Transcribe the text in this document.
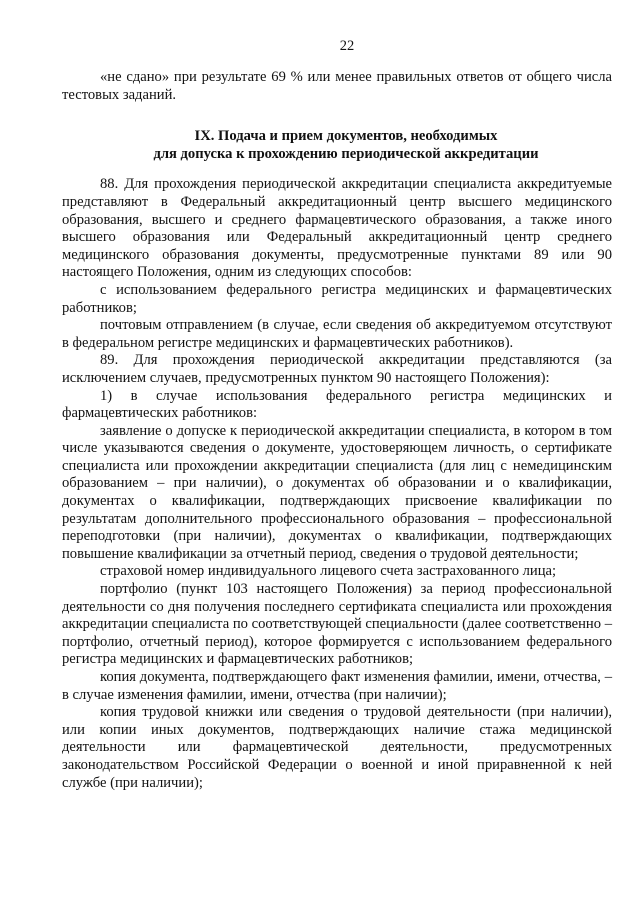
22

«не сдано» при результате 69 % или менее правильных ответов от общего числа тестовых заданий.

IX. Подача и прием документов, необходимых
для допуска к прохождению периодической аккредитации

88. Для прохождения периодической аккредитации специалиста аккредитуемые представляют в Федеральный аккредитационный центр высшего медицинского образования, высшего и среднего фармацевтического образования, а также иного высшего образования или Федеральный аккредитационный центр среднего медицинского образования документы, предусмотренные пунктами 89 или 90 настоящего Положения, одним из следующих способов:

с использованием федерального регистра медицинских и фармацевтических работников;

почтовым отправлением (в случае, если сведения об аккредитуемом отсутствуют в федеральном регистре медицинских и фармацевтических работников).

89. Для прохождения периодической аккредитации представляются (за исключением случаев, предусмотренных пунктом 90 настоящего Положения):

1) в случае использования федерального регистра медицинских и фармацевтических работников:

заявление о допуске к периодической аккредитации специалиста, в котором в том числе указываются сведения о документе, удостоверяющем личность, о сертификате специалиста или прохождении аккредитации специалиста (для лиц с немедицинским образованием – при наличии), о документах об образовании и о квалификации, документах о квалификации, подтверждающих присвоение квалификации по результатам дополнительного профессионального образования – профессиональной переподготовки (при наличии), документах о квалификации, подтверждающих повышение квалификации за отчетный период, сведения о трудовой деятельности;

страховой номер индивидуального лицевого счета застрахованного лица;

портфолио (пункт 103 настоящего Положения) за период профессиональной деятельности со дня получения последнего сертификата специалиста или прохождения аккредитации специалиста по соответствующей специальности (далее соответственно – портфолио, отчетный период), которое формируется с использованием федерального регистра медицинских и фармацевтических работников;

копия документа, подтверждающего факт изменения фамилии, имени, отчества, – в случае изменения фамилии, имени, отчества (при наличии);

копия трудовой книжки или сведения о трудовой деятельности (при наличии), или копии иных документов, подтверждающих наличие стажа медицинской деятельности или фармацевтической деятельности, предусмотренных законодательством Российской Федерации о военной и иной приравненной к ней службе (при наличии);
